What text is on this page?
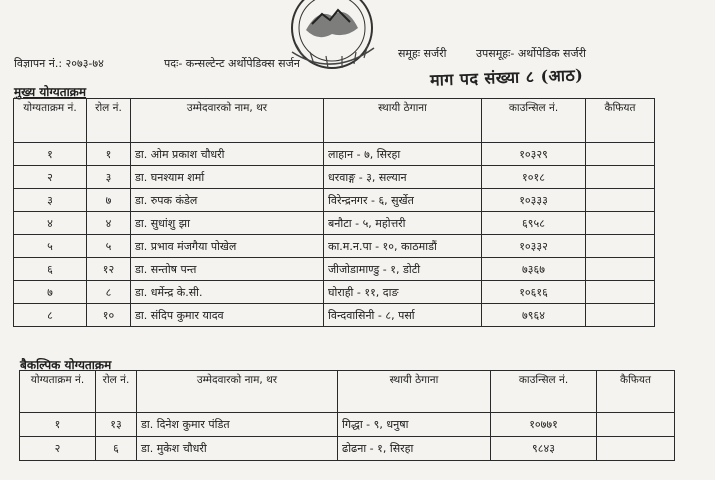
विज्ञापन नं.: २०७३-७४	पदः- कन्सल्टेन्ट अर्थोपेडिक्स सर्जन
समूहः सर्जरी	उपसमूहः- अर्थोपेडिक सर्जरी
माग पद संख्या ८ (आठ)
मुख्य योग्यताक्रम
योग्यताक्रम नं.	रोल नं.	उम्मेदवारको नाम, थर	स्थायी ठेगाना	काउन्सिल नं.	कैफियत
१	१	डा. ओम प्रकाश चौधरी	लाहान - ७, सिरहा	१०३२९	
२	३	डा. घनश्याम शर्मा	धरवाङ्ग - ३, सल्यान	१०१८	
३	७	डा. रुपक कंडेल	विरेन्द्रनगर - ६, सुर्खेत	१०३३३	
४	४	डा. सुधांशु झा	बनौटा - ५, महोत्तरी	६९५८	
५	५	डा. प्रभाव मंजगैया पोखेल	का.म.न.पा - १०, काठमाडौं	१०३३२	
६	१२	डा. सन्तोष पन्त	जीजोडामाण्डु - १, डोटी	७३६७	
७	८	डा. धर्मेन्द्र के.सी.	घोराही - ११, दाङ	१०६१६	
८	१०	डा. संदिप कुमार यादव	विन्दवासिनी - ८, पर्सा	७९६४	
बैकल्पिक योग्यताक्रम
योग्यताक्रम नं.	रोल नं.	उम्मेदवारको नाम, थर	स्थायी ठेगाना	काउन्सिल नं.	कैफियत
१	१३	डा. दिनेश कुमार पंडित	गिद्धा - ९, धनुषा	१०७७१	
२	६	डा. मुकेश चौधरी	ढोढना - १, सिरहा	९८४३	
